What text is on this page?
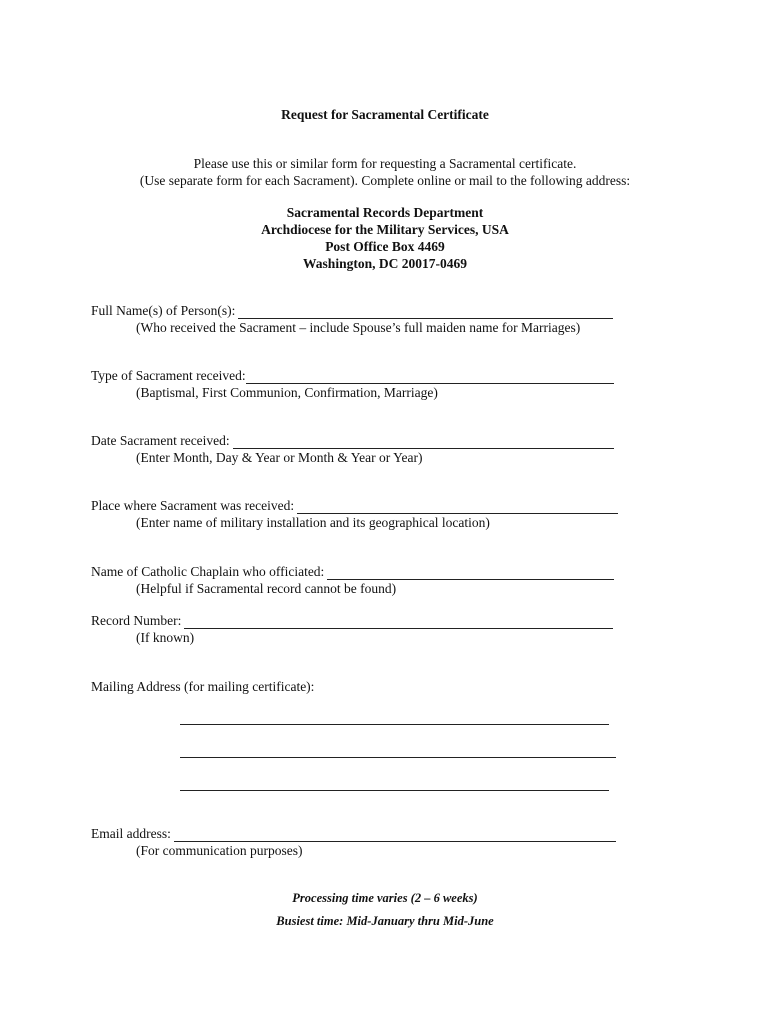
Request for Sacramental Certificate
Please use this or similar form for requesting a Sacramental certificate.
(Use separate form for each Sacrament). Complete online or mail to the following address:
Sacramental Records Department
Archdiocese for the Military Services, USA
Post Office Box 4469
Washington, DC 20017-0469
Full Name(s) of Person(s):
(Who received the Sacrament – include Spouse’s full maiden name for Marriages)
Type of Sacrament received:
(Baptismal, First Communion, Confirmation, Marriage)
Date Sacrament received:
(Enter Month, Day & Year or Month & Year or Year)
Place where Sacrament was received:
(Enter name of military installation and its geographical location)
Name of Catholic Chaplain who officiated:
(Helpful if Sacramental record cannot be found)
Record Number:
(If known)
Mailing Address (for mailing certificate):
Email address:
(For communication purposes)
Processing time varies (2 – 6 weeks)
Busiest time: Mid-January thru Mid-June
